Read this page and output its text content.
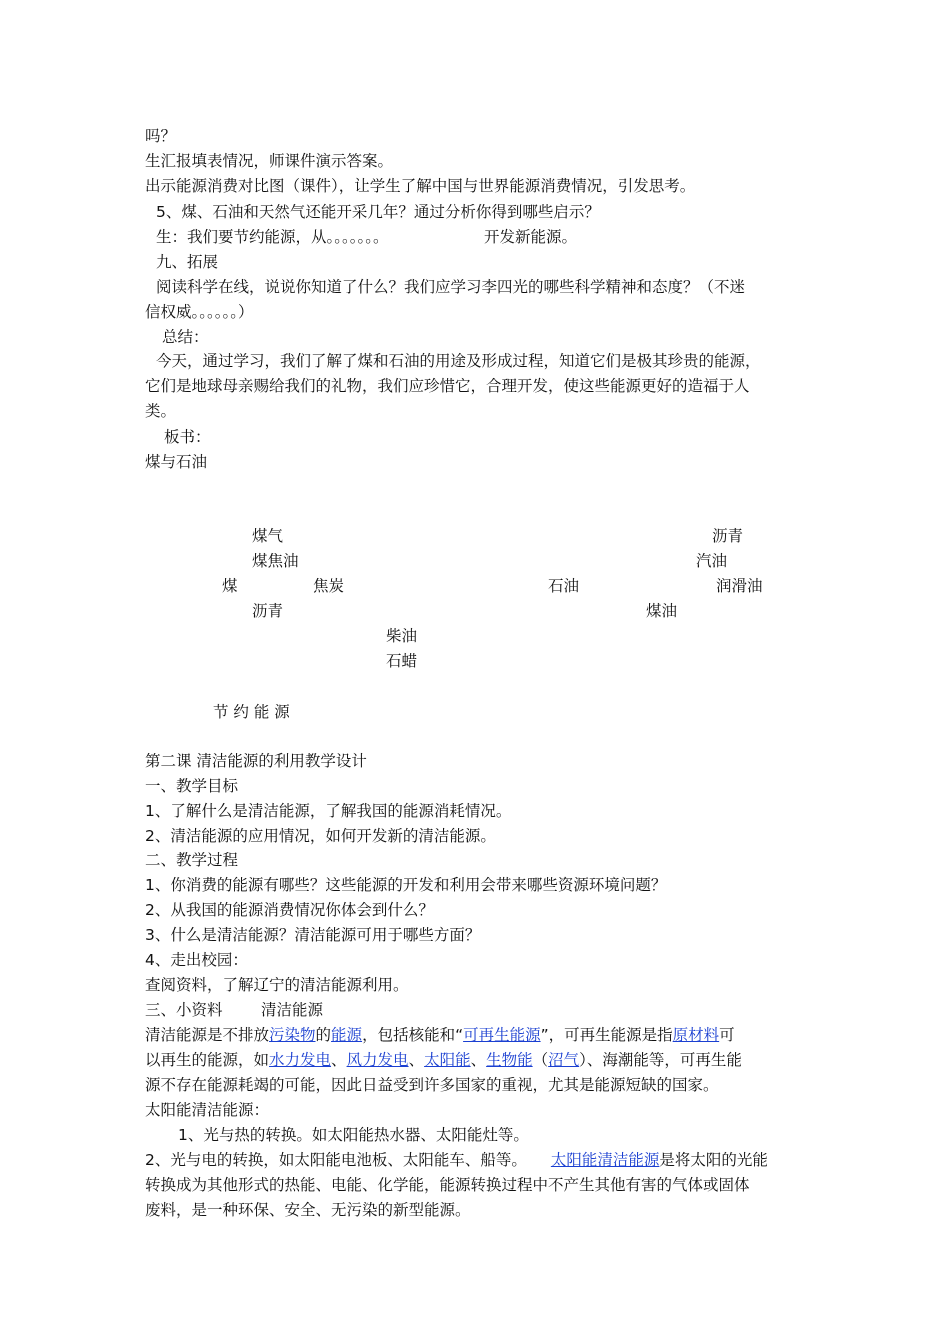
吗？
生汇报填表情况，师课件演示答案。
出示能源消费对比图（课件），让学生了解中国与世界能源消费情况，引发思考。
5、煤、石油和天然气还能开采几年？通过分析你得到哪些启示？
生：我们要节约能源，从。。。。。。。	开发新能源。
九、拓展
阅读科学在线，说说你知道了什么？我们应学习李四光的哪些科学精神和态度？（不迷
信权威。。。。。。）
总结：
今天，通过学习，我们了解了煤和石油的用途及形成过程，知道它们是极其珍贵的能源，
它们是地球母亲赐给我们的礼物，我们应珍惜它，合理开发，使这些能源更好的造福于人
类。
板书：
煤与石油
煤气	沥青
煤焦油	汽油
煤	焦炭	石油	润滑油
沥青	煤油
柴油
石蜡
节 约 能 源
第二课 清洁能源的利用教学设计
一、教学目标
1、了解什么是清洁能源，了解我国的能源消耗情况。
2、清洁能源的应用情况，如何开发新的清洁能源。
二、教学过程
1、你消费的能源有哪些？这些能源的开发和利用会带来哪些资源环境问题？
2、从我国的能源消费情况你体会到什么？
3、什么是清洁能源？清洁能源可用于哪些方面？
4、走出校园：
查阅资料，了解辽宁的清洁能源利用。
三、小资料 清洁能源
清洁能源是不排放污染物的能源，包括核能和“可再生能源”，可再生能源是指原材料可
以再生的能源，如水力发电、风力发电、太阳能、生物能（沼气）、海潮能等，可再生能
源不存在能源耗竭的可能，因此日益受到许多国家的重视，尤其是能源短缺的国家。
太阳能清洁能源：
1、光与热的转换。如太阳能热水器、太阳能灶等。
2、光与电的转换，如太阳能电池板、太阳能车、船等。 太阳能清洁能源是将太阳的光能
转换成为其他形式的热能、电能、化学能，能源转换过程中不产生其他有害的气体或固体
废料，是一种环保、安全、无污染的新型能源。
